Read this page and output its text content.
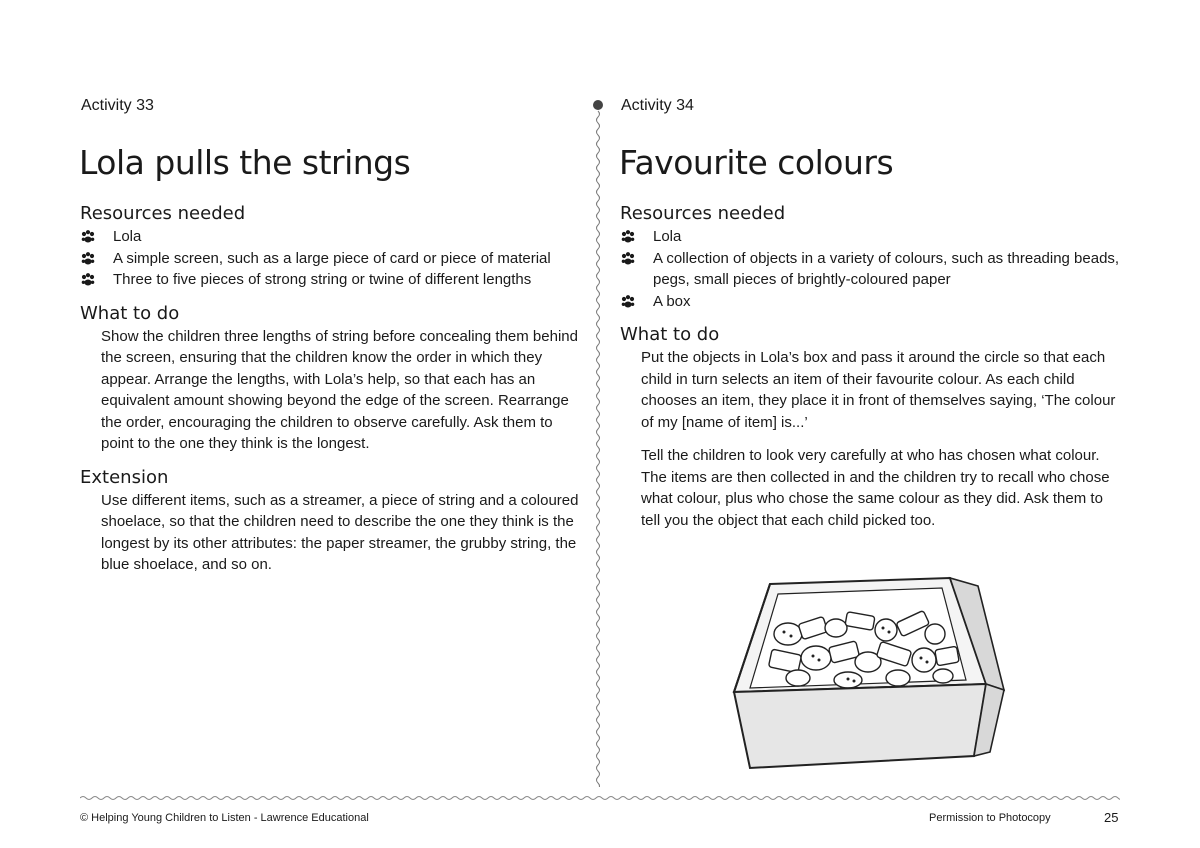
Activity 33
Lola pulls the strings
Resources needed
Lola
A simple screen, such as a large piece of card or piece of material
Three to five pieces of strong string or twine of different lengths
What to do

Show the children three lengths of string before concealing them behind the screen, ensuring that the children know the order in which they appear. Arrange the lengths, with Lola’s help, so that each has an equivalent amount showing beyond the edge of the screen. Rearrange the order, encouraging the children to observe carefully. Ask them to point to the one they think is the longest.

Extension

Use different items, such as a streamer, a piece of string and a coloured shoelace, so that the children need to describe the one they think is the longest by its other attributes: the paper streamer, the grubby string, the blue shoelace, and so on.

Activity 34
Favourite colours
Resources needed
Lola
A collection of objects in a variety of colours, such as threading beads, pegs, small pieces of brightly-coloured paper
A box
What to do

Put the objects in Lola’s box and pass it around the circle so that each child in turn selects an item of their favourite colour. As each child chooses an item, they place it in front of themselves saying, ‘The colour of my [name of item] is...’

Tell the children to look very carefully at who has chosen what colour. The items are then collected in and the children try to recall who chose what colour, plus who chose the same colour as they did. Ask them to tell you the object that each child picked too.

© Helping Young Children to Listen - Lawrence Educational	Permission to Photocopy	25
